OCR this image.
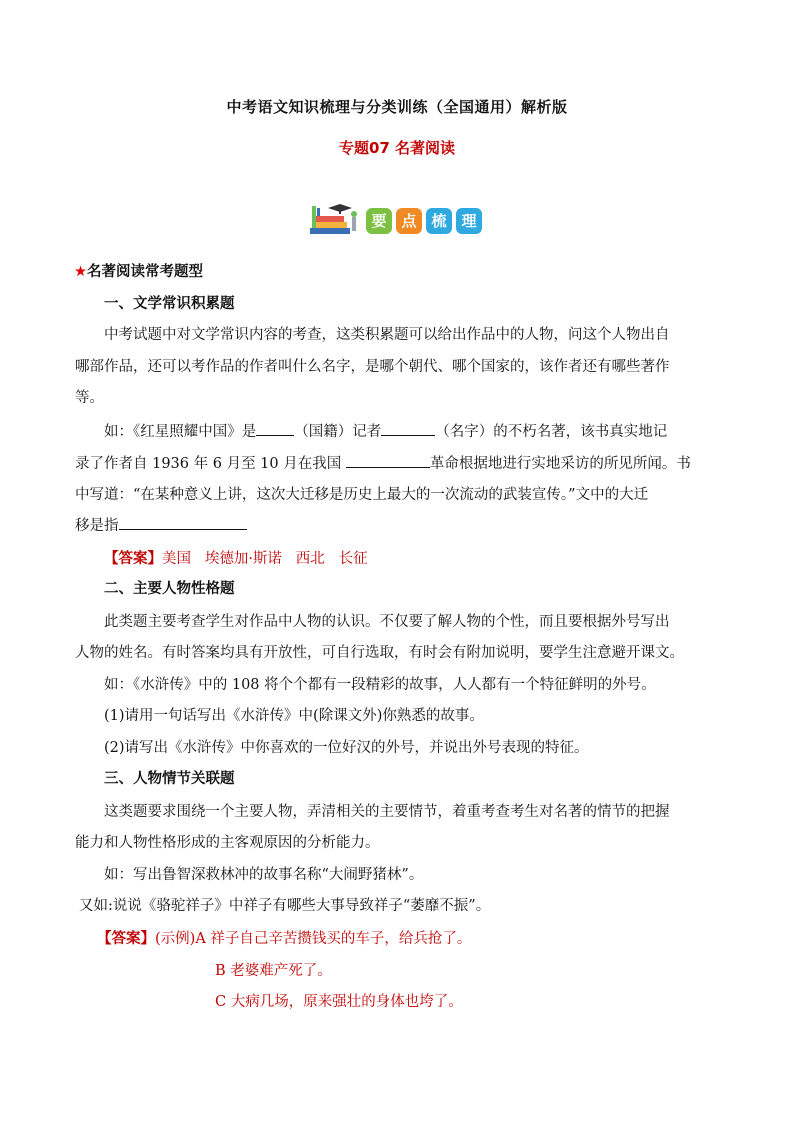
中考语文知识梳理与分类训练（全国通用）解析版
专题07 名著阅读
要 点 梳 理
★名著阅读常考题型
一、文学常识积累题
中考试题中对文学常识内容的考查，这类积累题可以给出作品中的人物，问这个人物出自
哪部作品，还可以考作品的作者叫什么名字，是哪个朝代、哪个国家的，该作者还有哪些著作
等。
如：《红星照耀中国》是	（国籍）记者	（名字）的不朽名著，该书真实地记
录了作者自 1936 年 6 月至 10 月在我国	革命根据地进行实地采访的所见所闻。书
中写道：“在某种意义上讲，这次大迁移是历史上最大的一次流动的武装宣传。”文中的大迁
移是指
【答案】美国   埃德加·斯诺   西北   长征
二、主要人物性格题
此类题主要考查学生对作品中人物的认识。不仅要了解人物的个性，而且要根据外号写出
人物的姓名。有时答案均具有开放性，可自行选取，有时会有附加说明，要学生注意避开课文。
如：《水浒传》中的 108 将个个都有一段精彩的故事，人人都有一个特征鲜明的外号。
(1)请用一句话写出《水浒传》中(除课文外)你熟悉的故事。
(2)请写出《水浒传》中你喜欢的一位好汉的外号，并说出外号表现的特征。
三、人物情节关联题
这类题要求围绕一个主要人物，弄清相关的主要情节，着重考查考生对名著的情节的把握
能力和人物性格形成的主客观原因的分析能力。
如：写出鲁智深救林冲的故事名称“大闹野猪林”。
又如:说说《骆驼祥子》中祥子有哪些大事导致祥子“萎靡不振”。
【答案】(示例)A 祥子自己辛苦攒钱买的车子，给兵抢了。
B 老婆难产死了。
C 大病几场，原来强壮的身体也垮了。
